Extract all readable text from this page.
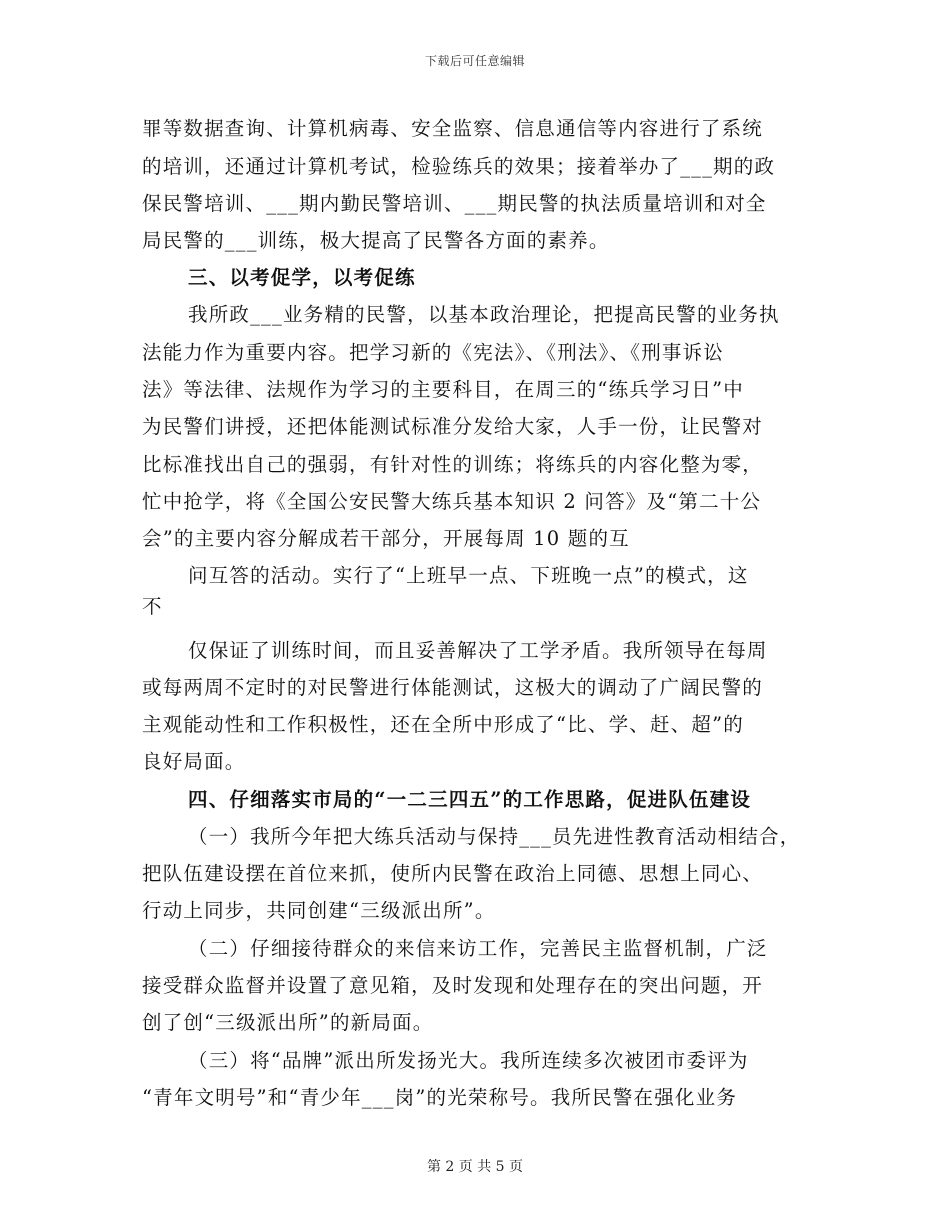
下载后可任意编辑
罪等数据查询、计算机病毒、安全监察、信息通信等内容进行了系统
的培训，还通过计算机考试，检验练兵的效果；接着举办了___期的政
保民警培训、___期内勤民警培训、___期民警的执法质量培训和对全
局民警的___训练，极大提高了民警各方面的素养。
三、以考促学，以考促练
我所政___业务精的民警，以基本政治理论，把提高民警的业务执
法能力作为重要内容。把学习新的《宪法》、《刑法》、《刑事诉讼
法》等法律、法规作为学习的主要科目，在周三的“练兵学习日”中
为民警们讲授，还把体能测试标准分发给大家，人手一份，让民警对
比标准找出自己的强弱，有针对性的训练；将练兵的内容化整为零，
忙中抢学，将《全国公安民警大练兵基本知识 2 问答》及“第二十公
会”的主要内容分解成若干部分，开展每周 10 题的互
问互答的活动。实行了“上班早一点、下班晚一点”的模式，这
不
仅保证了训练时间，而且妥善解决了工学矛盾。我所领导在每周
或每两周不定时的对民警进行体能测试，这极大的调动了广阔民警的
主观能动性和工作积极性，还在全所中形成了“比、学、赶、超”的
良好局面。
四、仔细落实市局的“一二三四五”的工作思路，促进队伍建设
（一）我所今年把大练兵活动与保持___员先进性教育活动相结合，
把队伍建设摆在首位来抓，使所内民警在政治上同德、思想上同心、
行动上同步，共同创建“三级派出所”。
（二）仔细接待群众的来信来访工作，完善民主监督机制，广泛
接受群众监督并设置了意见箱，及时发现和处理存在的突出问题，开
创了创“三级派出所”的新局面。
（三）将“品牌”派出所发扬光大。我所连续多次被团市委评为
“青年文明号”和“青少年___岗”的光荣称号。我所民警在强化业务
第 2 页 共 5 页
